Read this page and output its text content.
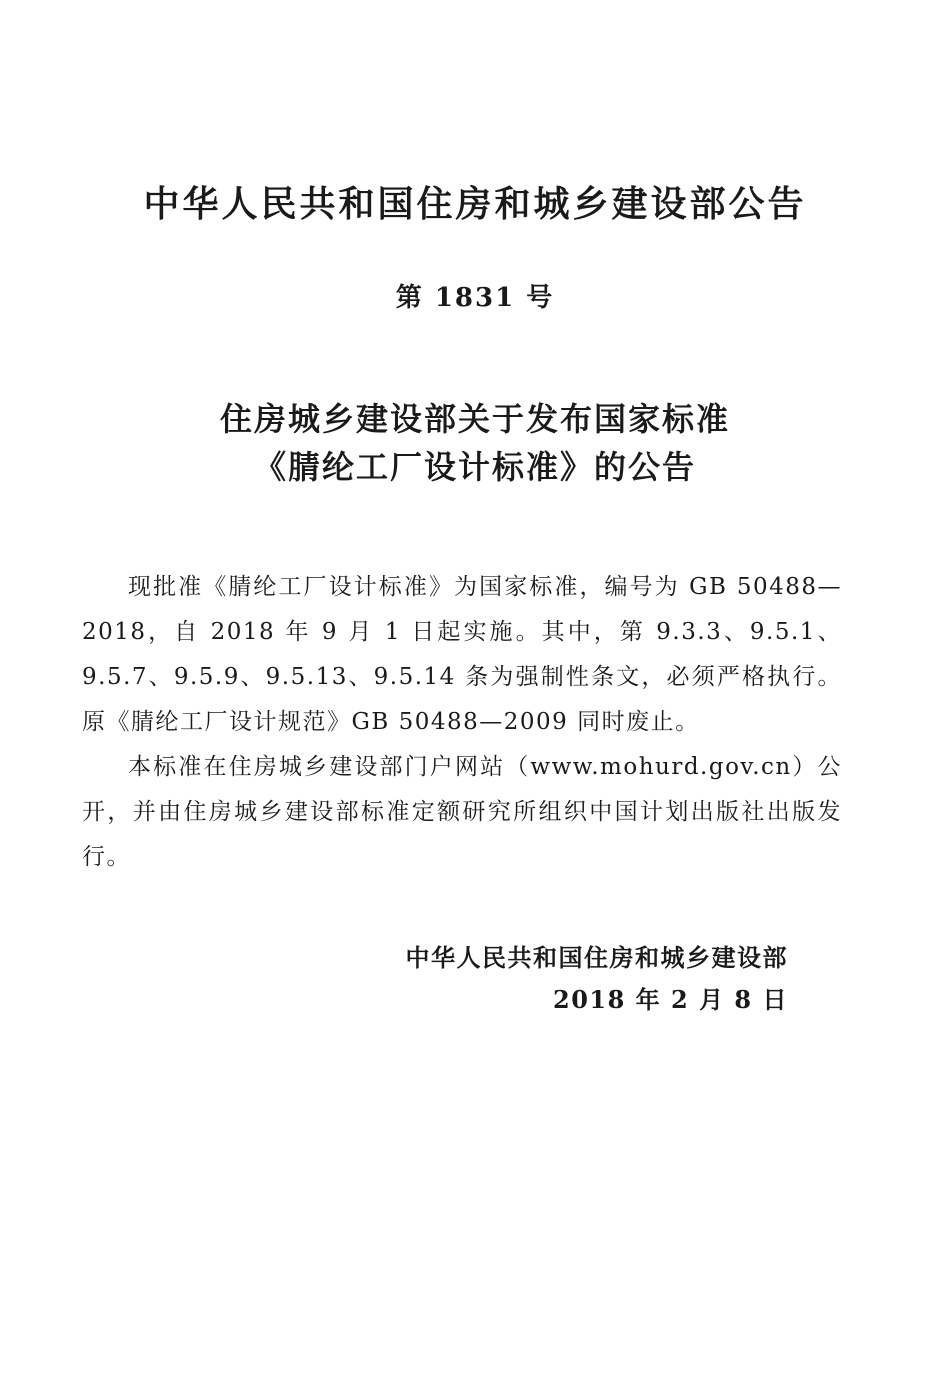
中华人民共和国住房和城乡建设部公告
第 1831 号
住房城乡建设部关于发布国家标准
《腈纶工厂设计标准》的公告

现批准《腈纶工厂设计标准》为国家标准，编号为 GB 50488—2018，自 2018 年 9 月 1 日起实施。其中，第 9.3.3、9.5.1、9.5.7、9.5.9、9.5.13、9.5.14 条为强制性条文，必须严格执行。原《腈纶工厂设计规范》GB 50488—2009 同时废止。

本标准在住房城乡建设部门户网站（www.mohurd.gov.cn）公开，并由住房城乡建设部标准定额研究所组织中国计划出版社出版发行。

中华人民共和国住房和城乡建设部
2018 年 2 月 8 日
